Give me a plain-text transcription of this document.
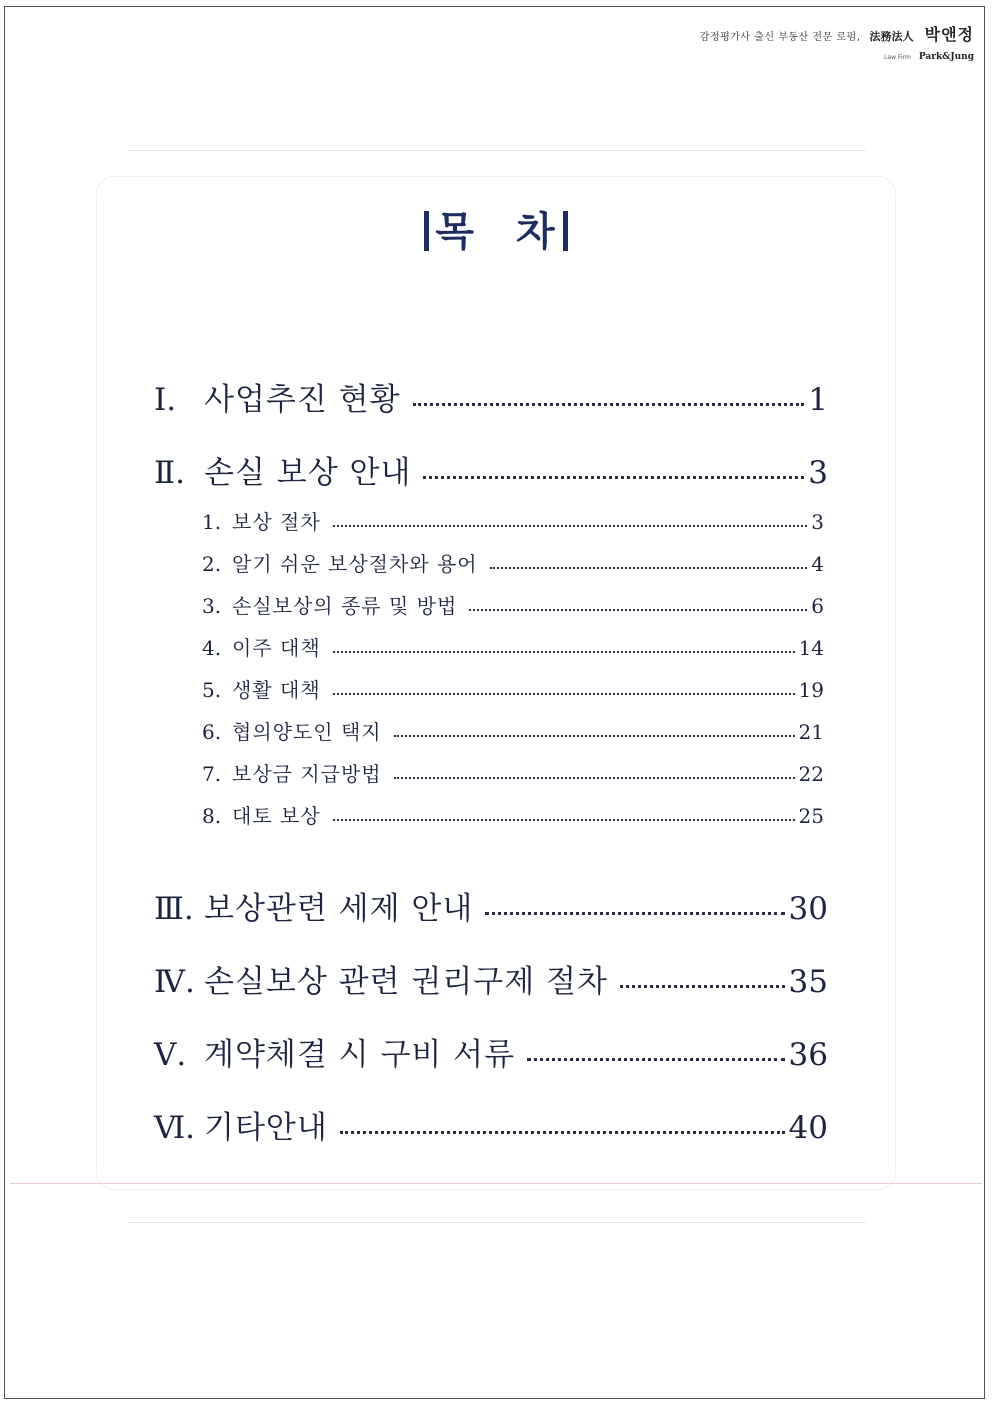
감정평가사 출신 부동산 전문 로펌, 法務法人 박앤정
Law Firm Park&Jung
목 차
Ⅰ. 사업추진 현황	1
Ⅱ. 손실 보상 안내	3
1. 보상 절차	3
2. 알기 쉬운 보상절차와 용어	4
3. 손실보상의 종류 및 방법	6
4. 이주 대책	14
5. 생활 대책	19
6. 협의양도인 택지	21
7. 보상금 지급방법	22
8. 대토 보상	25
Ⅲ. 보상관련 세제 안내	30
Ⅳ. 손실보상 관련 권리구제 절차	35
Ⅴ. 계약체결 시 구비 서류	36
Ⅵ. 기타안내	40
